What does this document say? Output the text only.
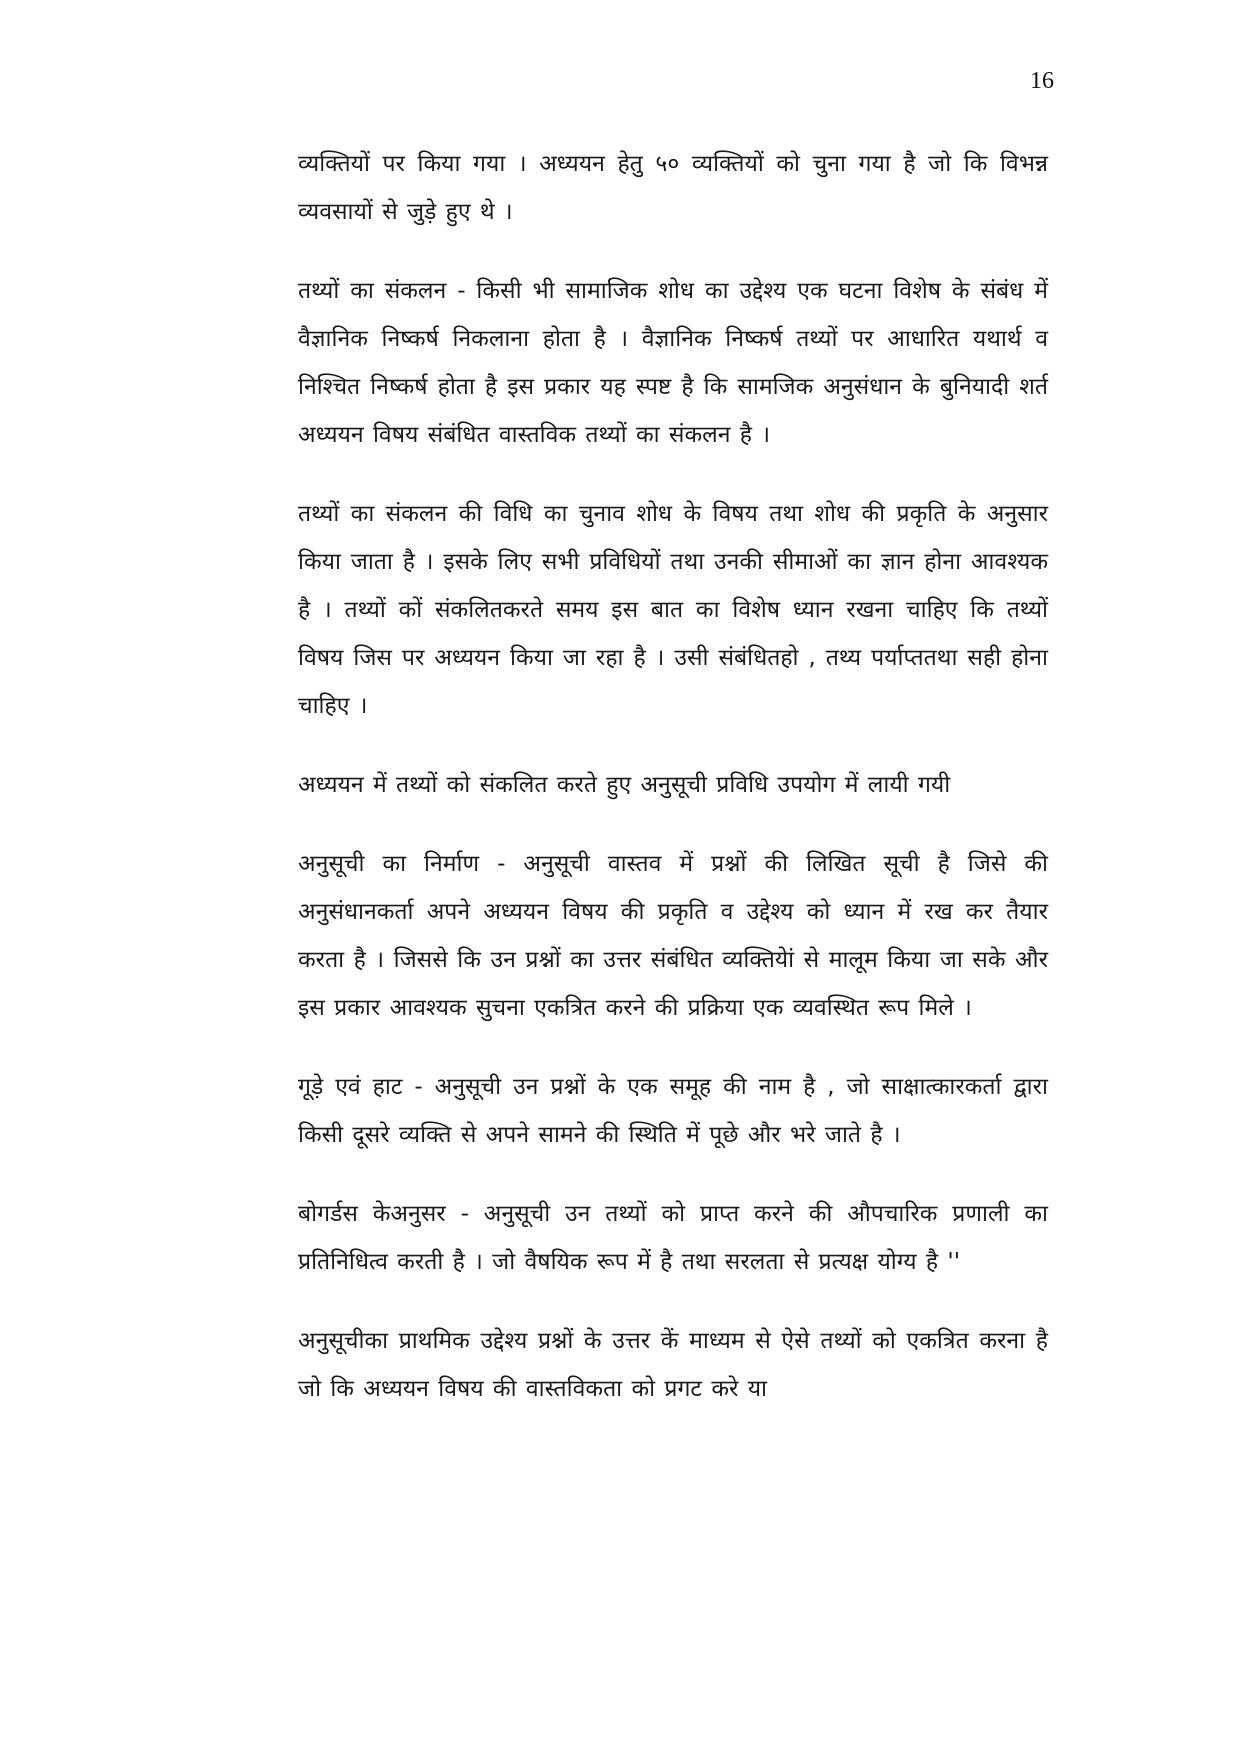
16

व्यक्तियों पर किया गया । अध्ययन हेतु ५० व्यक्तियों को चुना गया है जो कि विभन्न व्यवसायों से जुड़े हुए थे ।

तथ्यों का संकलन - किसी भी सामाजिक शोध का उद्देश्य एक घटना विशेष के संबंध में वैज्ञानिक निष्कर्ष निकलाना होता है । वैज्ञानिक निष्कर्ष तथ्यों पर आधारित यथार्थ व निश्चित निष्कर्ष होता है इस प्रकार यह स्पष्ट है कि सामजिक अनुसंधान के बुनियादी शर्त अध्ययन विषय संबंधित वास्तविक तथ्यों का संकलन है ।

तथ्यों का संकलन की विधि का चुनाव शोध के विषय तथा शोध की प्रकृति के अनुसार किया जाता है । इसके लिए सभी प्रविधियों तथा उनकी सीमाओं का ज्ञान होना आवश्यक है । तथ्यों कों संकलितकरते समय इस बात का विशेष ध्यान रखना चाहिए कि तथ्यों विषय जिस पर अध्ययन किया जा रहा है । उसी संबंधितहो , तथ्य पर्याप्ततथा सही होना चाहिए ।

अध्ययन में तथ्यों को संकलित करते हुए अनुसूची प्रविधि उपयोग में लायी गयी

अनुसूची का निर्माण - अनुसूची वास्तव में प्रश्नों की लिखित सूची है जिसे की अनुसंधानकर्ता अपने अध्ययन विषय की प्रकृति व उद्देश्य को ध्यान में रख कर तैयार करता है । जिससे कि उन प्रश्नों का उत्तर संबंधित व्यक्तियेां से मालूम किया जा सके और इस प्रकार आवश्यक सुचना एकत्रित करने की प्रक्रिया एक व्यवस्थित रूप मिले ।

गूड़े एवं हाट - अनुसूची उन प्रश्नों के एक समूह की नाम है , जो साक्षात्कारकर्ता द्वारा किसी दूसरे व्यक्ति से अपने सामने की स्थिति में पूछे और भरे जाते है ।

बोगर्डस केअनुसर - अनुसूची उन तथ्यों को प्राप्त करने की औपचारिक प्रणाली का प्रतिनिधित्व करती है । जो वैषयिक रूप में है तथा सरलता से प्रत्यक्ष योग्य है ''

अनुसूचीका प्राथमिक उद्देश्य प्रश्नों के उत्तर कें माध्यम से ऐसे तथ्यों को एकत्रित करना है जो कि अध्ययन विषय की वास्तविकता को प्रगट करे या
